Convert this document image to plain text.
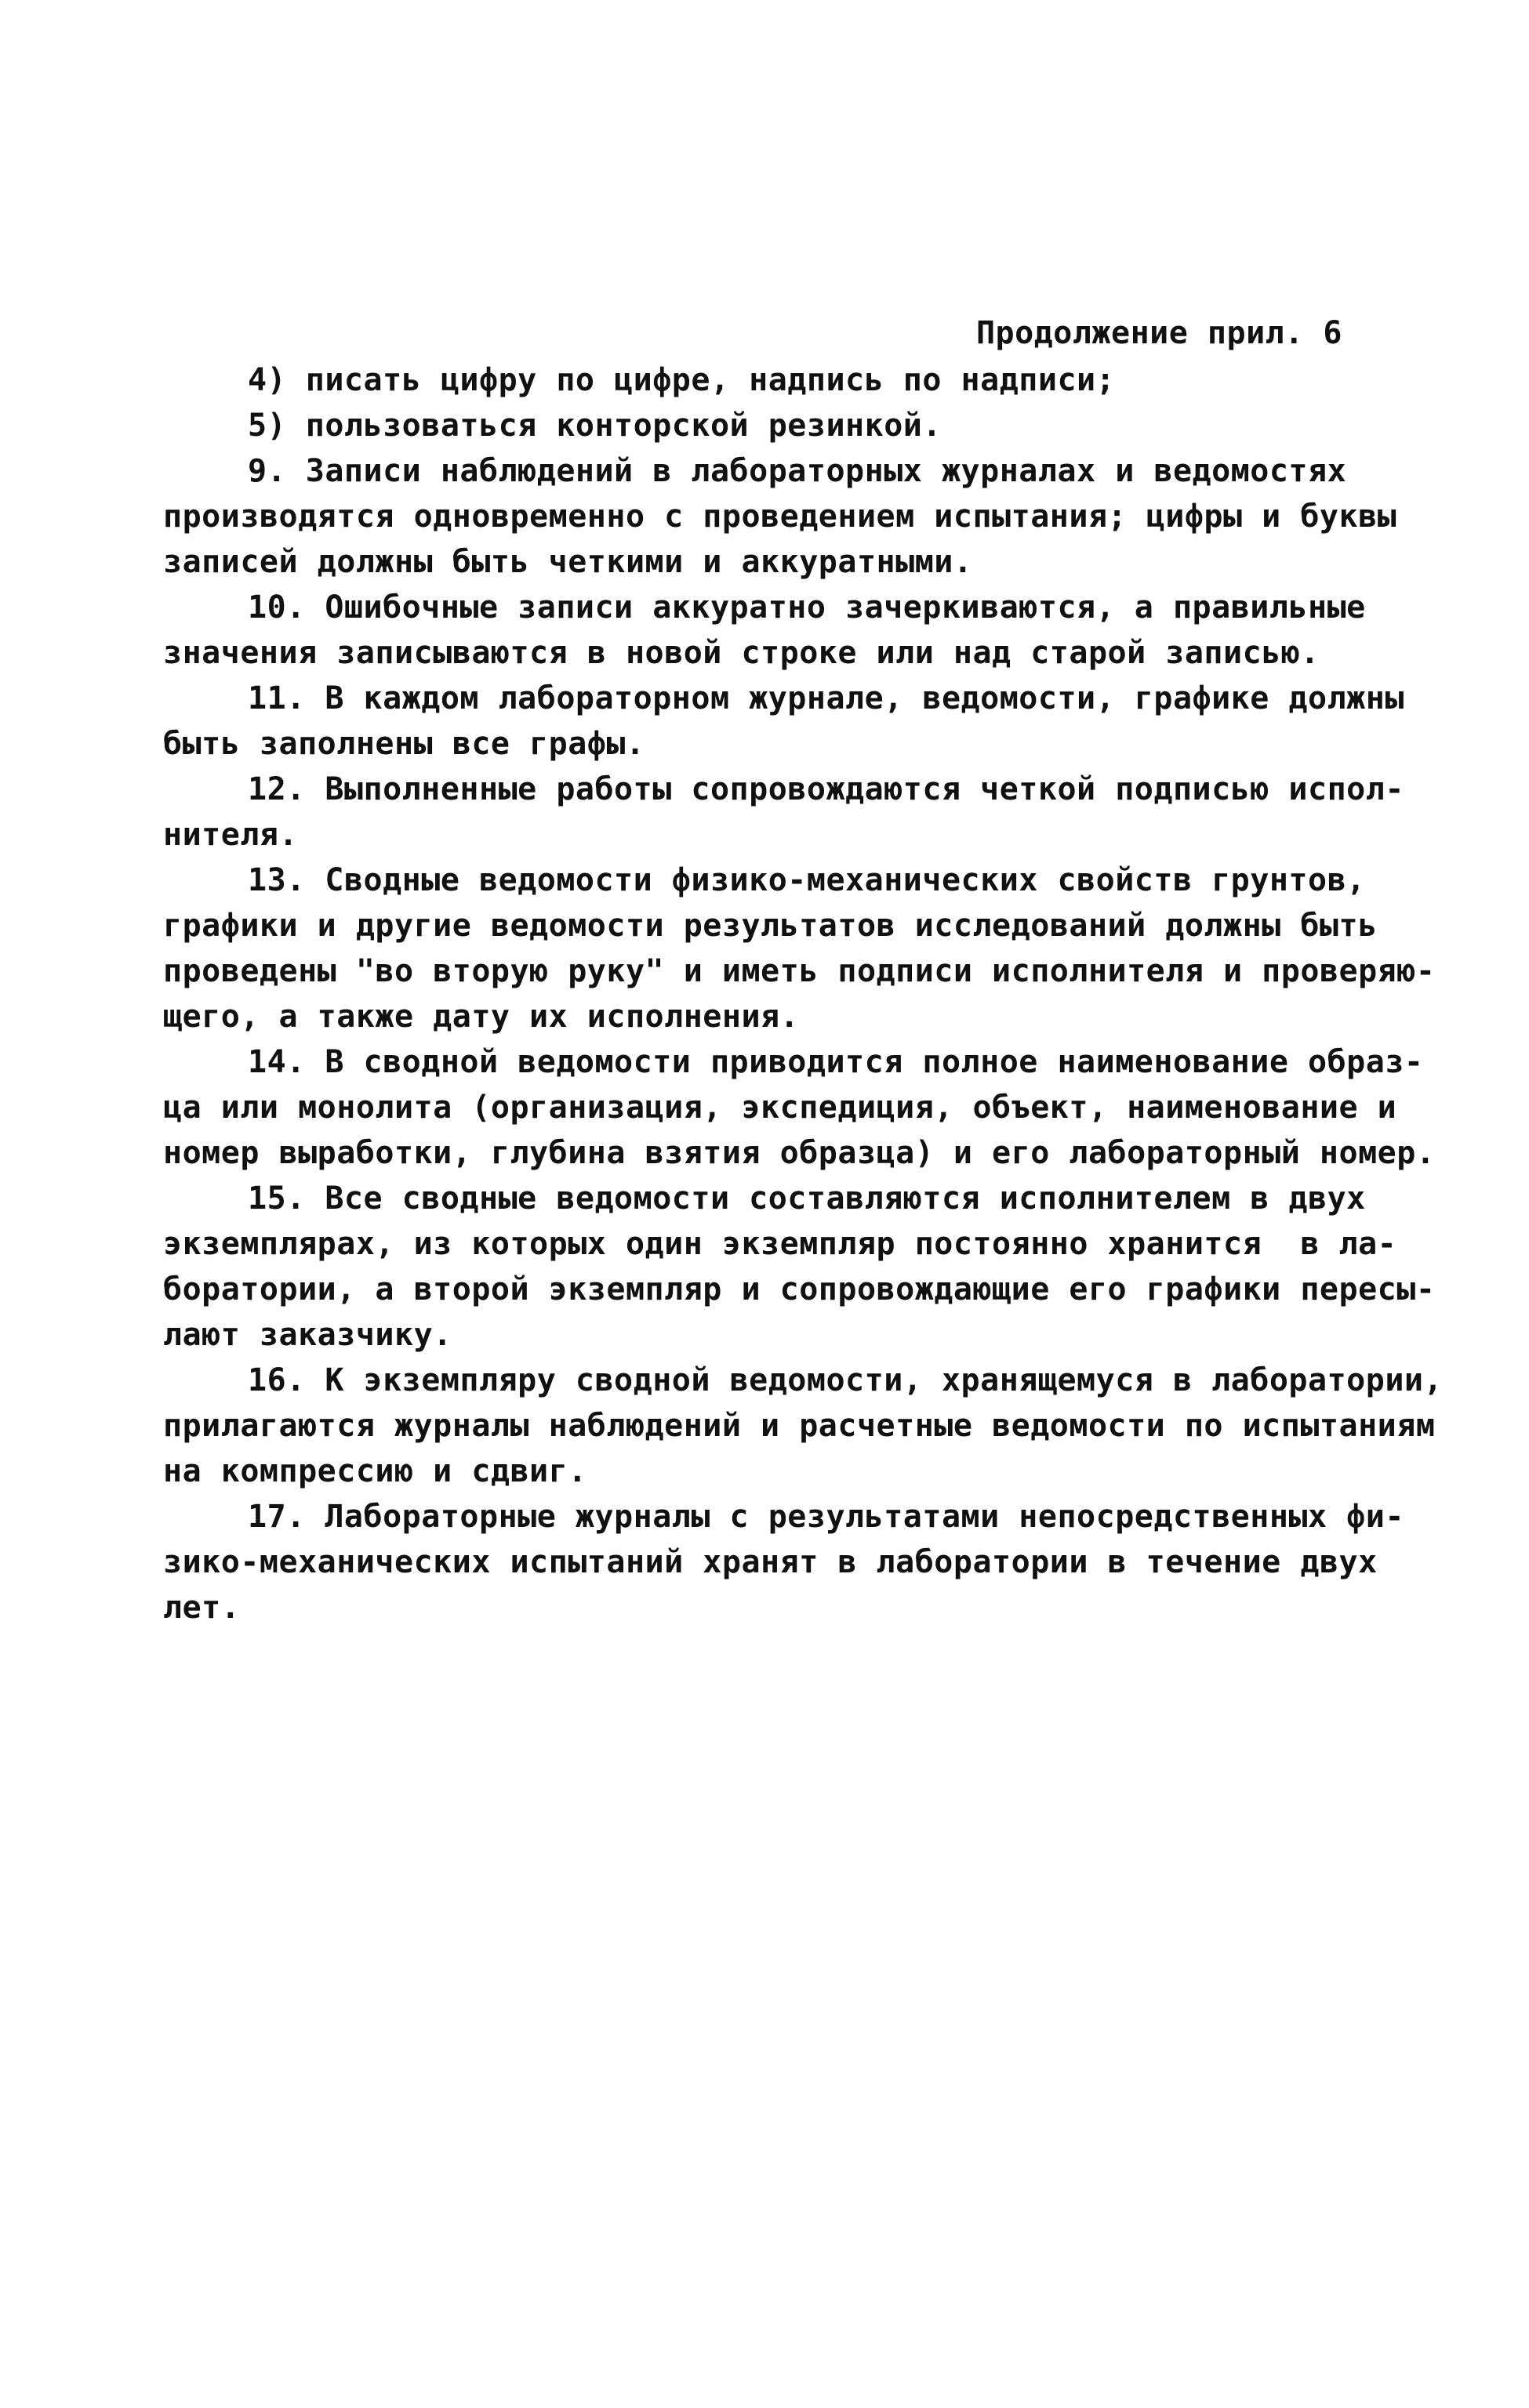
Продолжение прил. 6
4) писать цифру по цифре, надпись по надписи;
5) пользоваться конторской резинкой.
9. Записи наблюдений в лабораторных журналах и ведомостях
производятся одновременно с проведением испытания; цифры и буквы
записей должны быть четкими и аккуратными.
10. Ошибочные записи аккуратно зачеркиваются, а правильные
значения записываются в новой строке или над старой записью.
11. В каждом лабораторном журнале, ведомости, графике должны
быть заполнены все графы.
12. Выполненные работы сопровождаются четкой подписью испол-
нителя.
13. Сводные ведомости физико-механических свойств грунтов,
графики и другие ведомости результатов исследований должны быть
проведены "во вторую руку" и иметь подписи исполнителя и проверяю-
щего, а также дату их исполнения.
14. В сводной ведомости приводится полное наименование образ-
ца или монолита (организация, экспедиция, объект, наименование и
номер выработки, глубина взятия образца) и его лабораторный номер.
15. Все сводные ведомости составляются исполнителем в двух
экземплярах, из которых один экземпляр постоянно хранится  в ла-
боратории, а второй экземпляр и сопровождающие его графики пересы-
лают заказчику.
16. К экземпляру сводной ведомости, хранящемуся в лаборатории,
прилагаются журналы наблюдений и расчетные ведомости по испытаниям
на компрессию и сдвиг.
17. Лабораторные журналы с результатами непосредственных фи-
зико-механических испытаний хранят в лаборатории в течение двух
лет.
